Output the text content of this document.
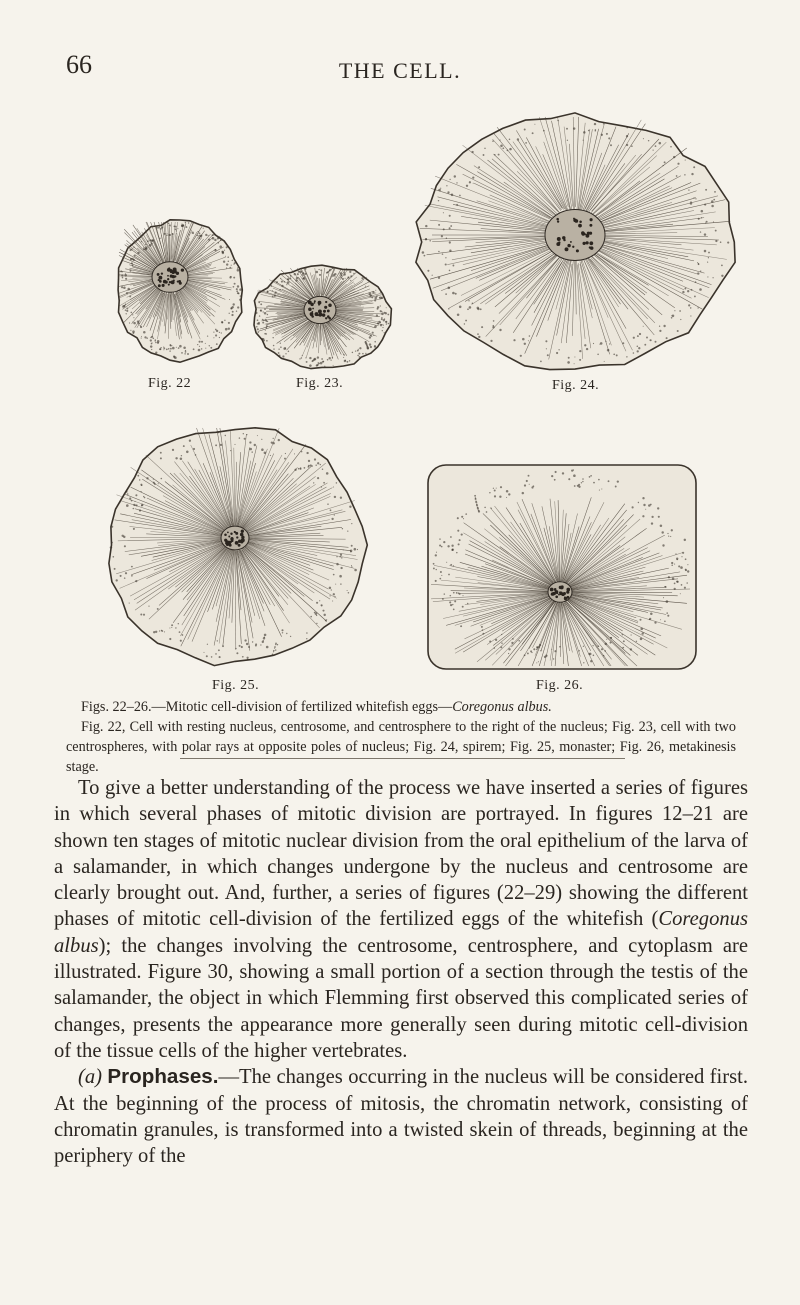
66	THE CELL.
Fig. 22	Fig. 23.	Fig. 24.
Fig. 25.	Fig. 26.

Figs. 22–26.—Mitotic cell-division of fertilized whitefish eggs—Coregonus albus.

Fig. 22, Cell with resting nucleus, centrosome, and centrosphere to the right of the nucleus; Fig. 23, cell with two centrospheres, with polar rays at opposite poles of nucleus; Fig. 24, spirem; Fig. 25, monaster; Fig. 26, metakinesis stage.

To give a better understanding of the process we have inserted a series of figures in which several phases of mitotic division are portrayed. In figures 12–21 are shown ten stages of mitotic nuclear division from the oral epithelium of the larva of a salamander, in which changes undergone by the nucleus and centrosome are clearly brought out. And, further, a series of figures (22–29) showing the different phases of mitotic cell-division of the fertilized eggs of the whitefish (Coregonus albus); the changes involving the centrosome, centrosphere, and cytoplasm are illustrated. Figure 30, showing a small portion of a section through the testis of the salamander, the object in which Flemming first observed this complicated series of changes, presents the appearance more generally seen during mitotic cell-division of the tissue cells of the higher vertebrates.

(a) Prophases.—The changes occurring in the nucleus will be considered first. At the beginning of the process of mitosis, the chromatin network, consisting of chromatin granules, is transformed into a twisted skein of threads, beginning at the periphery of the
